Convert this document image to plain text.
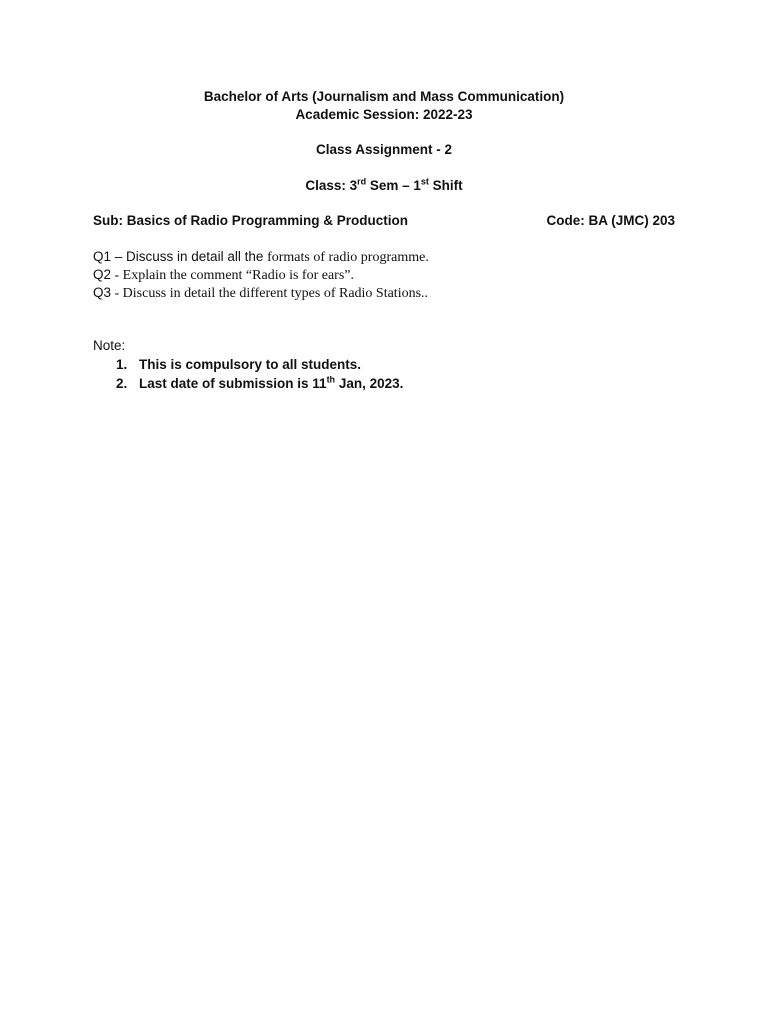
Bachelor of Arts (Journalism and Mass Communication)
Academic Session: 2022-23
Class Assignment - 2
Class: 3rd Sem – 1st Shift
Sub: Basics of Radio Programming & Production	Code: BA (JMC) 203
Q1 – Discuss in detail all the formats of radio programme.
Q2 - Explain the comment “Radio is for ears”.
Q3 - Discuss in detail the different types of Radio Stations..
Note:
1. This is compulsory to all students.
2. Last date of submission is 11th Jan, 2023.
